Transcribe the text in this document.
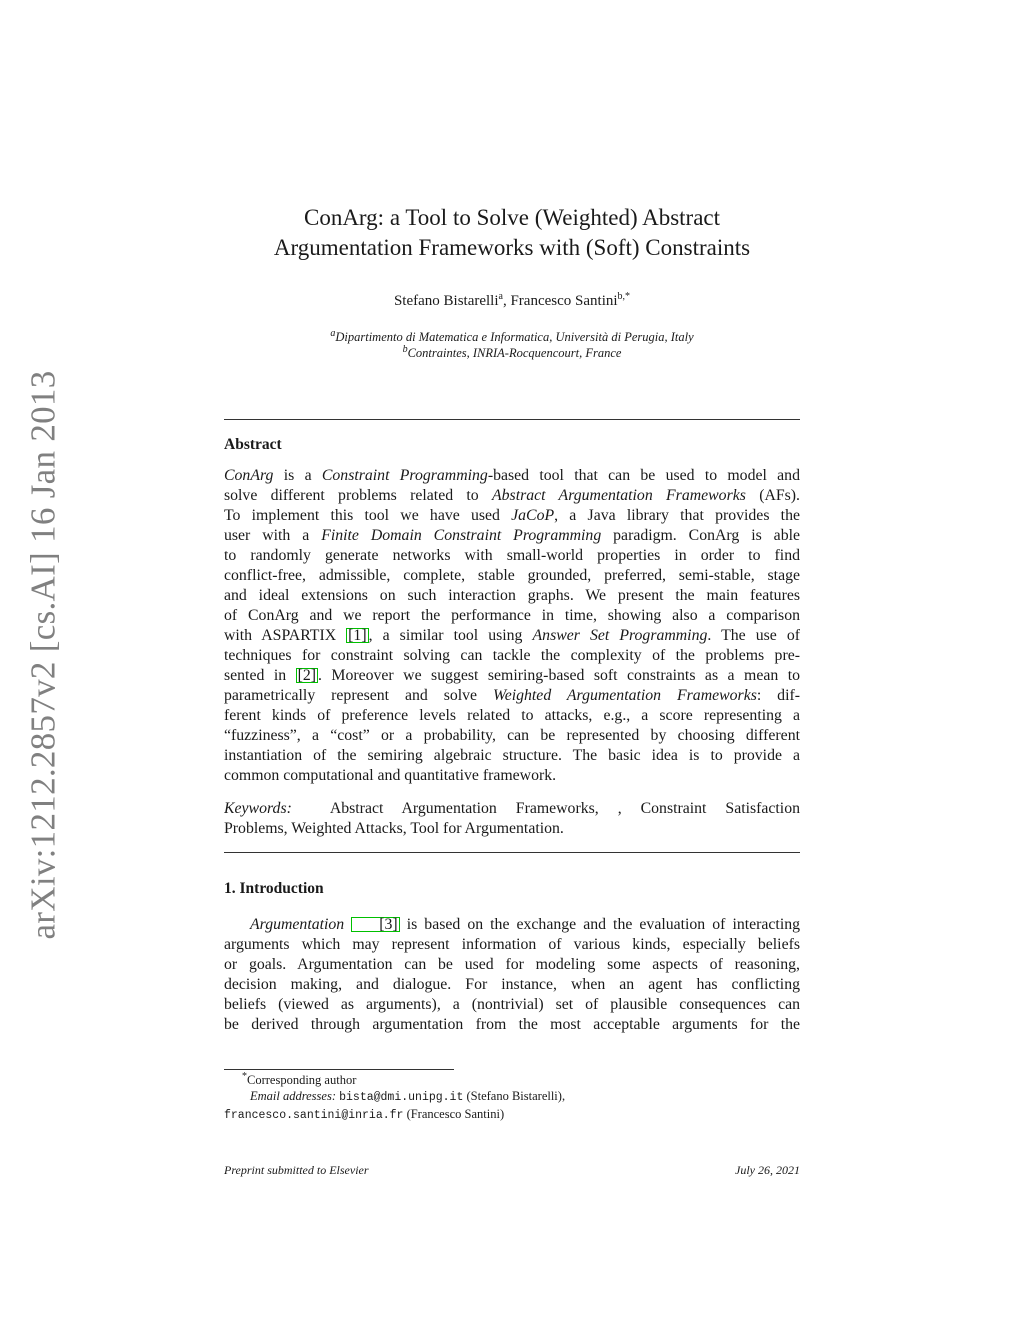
arXiv:1212.2857v2 [cs.AI] 16 Jan 2013
ConArg: a Tool to Solve (Weighted) Abstract
Argumentation Frameworks with (Soft) Constraints
Stefano Bistarelli$^a$, Francesco Santini$^{b,*}$
$^a$Dipartimento di Matematica e Informatica, Università di Perugia, Italy
$^b$Contraintes, INRIA-Rocquencourt, France
Abstract
ConArg is a Constraint Programming-based tool that can be used to model and
solve different problems related to Abstract Argumentation Frameworks (AFs).
To implement this tool we have used JaCoP, a Java library that provides the
user with a Finite Domain Constraint Programming paradigm. ConArg is able
to randomly generate networks with small-world properties in order to find
conflict-free, admissible, complete, stable grounded, preferred, semi-stable, stage
and ideal extensions on such interaction graphs. We present the main features
of ConArg and we report the performance in time, showing also a comparison
with ASPARTIX [1] , a similar tool using Answer Set Programming. The use of
techniques for constraint solving can tackle the complexity of the problems pre-
sented in [2] . Moreover we suggest semiring-based soft constraints as a mean to
parametrically represent and solve Weighted Argumentation Frameworks: dif-
ferent kinds of preference levels related to attacks, e.g., a score representing a
“fuzziness”, a “cost” or a probability, can be represented by choosing different
instantiation of the semiring algebraic structure. The basic idea is to provide a
common computational and quantitative framework.
Keywords: Abstract Argumentation Frameworks, , Constraint Satisfaction
Problems, Weighted Attacks, Tool for Argumentation.
1. Introduction
Argumentation [3] is based on the exchange and the evaluation of interacting
arguments which may represent information of various kinds, especially beliefs
or goals. Argumentation can be used for modeling some aspects of reasoning,
decision making, and dialogue. For instance, when an agent has conflicting
beliefs (viewed as arguments), a (nontrivial) set of plausible consequences can
be derived through argumentation from the most acceptable arguments for the
*Corresponding author
Email addresses: bista@dmi.unipg.it (Stefano Bistarelli),
francesco.santini@inria.fr (Francesco Santini)
Preprint submitted to Elsevier	July 26, 2021
